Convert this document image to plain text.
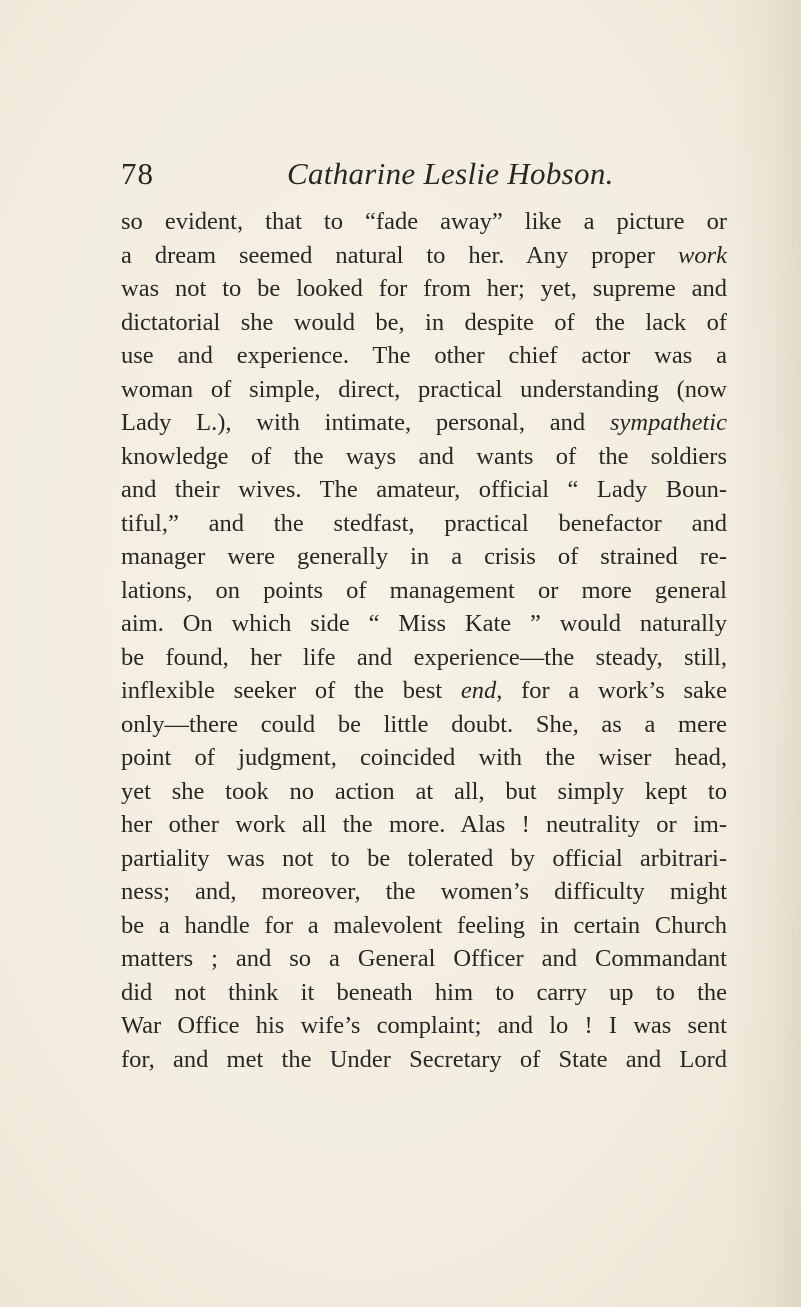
78	Catharine Leslie Hobson.
so evident, that to “fade away” like a picture or
a dream seemed natural to her. Any proper work
was not to be looked for from her; yet, supreme and
dictatorial she would be, in despite of the lack of
use and experience. The other chief actor was a
woman of simple, direct, practical understanding (now
Lady L.), with intimate, personal, and sympathetic
knowledge of the ways and wants of the soldiers
and their wives. The amateur, official “ Lady Boun-
tiful,” and the stedfast, practical benefactor and
manager were generally in a crisis of strained re-
lations, on points of management or more general
aim. On which side “ Miss Kate ” would naturally
be found, her life and experience—the steady, still,
inflexible seeker of the best end, for a work’s sake
only—there could be little doubt. She, as a mere
point of judgment, coincided with the wiser head,
yet she took no action at all, but simply kept to
her other work all the more. Alas ! neutrality or im-
partiality was not to be tolerated by official arbitrari-
ness; and, moreover, the women’s difficulty might
be a handle for a malevolent feeling in certain Church
matters ; and so a General Officer and Commandant
did not think it beneath him to carry up to the
War Office his wife’s complaint; and lo ! I was sent
for, and met the Under Secretary of State and Lord
